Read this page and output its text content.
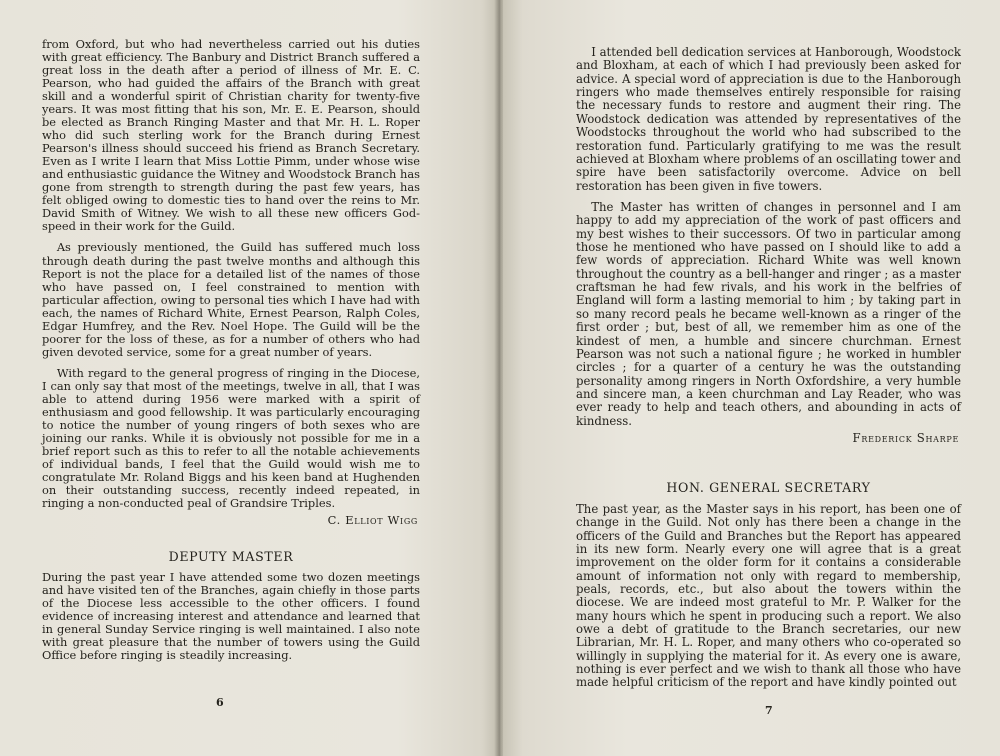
from Oxford, but who had nevertheless carried out his duties with great efficiency. The Banbury and District Branch suffered a great loss in the death after a period of illness of Mr. E. C. Pearson, who had guided the affairs of the Branch with great skill and a wonderful spirit of Christian charity for twenty-five years. It was most fitting that his son, Mr. E. E. Pearson, should be elected as Branch Ringing Master and that Mr. H. L. Roper who did such sterling work for the Branch during Ernest Pearson's illness should succeed his friend as Branch Secretary. Even as I write I learn that Miss Lottie Pimm, under whose wise and enthusiastic guidance the Witney and Woodstock Branch has gone from strength to strength during the past few years, has felt obliged owing to domestic ties to hand over the reins to Mr. David Smith of Witney. We wish to all these new officers God-speed in their work for the Guild.

As previously mentioned, the Guild has suffered much loss through death during the past twelve months and although this Report is not the place for a detailed list of the names of those who have passed on, I feel constrained to mention with particular affection, owing to personal ties which I have had with each, the names of Richard White, Ernest Pearson, Ralph Coles, Edgar Humfrey, and the Rev. Noel Hope. The Guild will be the poorer for the loss of these, as for a number of others who had given devoted service, some for a great number of years.

With regard to the general progress of ringing in the Diocese, I can only say that most of the meetings, twelve in all, that I was able to attend during 1956 were marked with a spirit of enthusiasm and good fellowship. It was particularly encouraging to notice the number of young ringers of both sexes who are joining our ranks. While it is obviously not possible for me in a brief report such as this to refer to all the notable achievements of individual bands, I feel that the Guild would wish me to congratulate Mr. Roland Biggs and his keen band at Hughenden on their outstanding success, recently indeed repeated, in ringing a non-conducted peal of Grandsire Triples.

C. Elliot Wigg

DEPUTY MASTER

During the past year I have attended some two dozen meetings and have visited ten of the Branches, again chiefly in those parts of the Diocese less accessible to the other officers. I found evidence of increasing interest and attendance and learned that in general Sunday Service ringing is well maintained. I also note with great pleasure that the number of towers using the Guild Office before ringing is steadily increasing.

6

I attended bell dedication services at Hanborough, Woodstock and Bloxham, at each of which I had previously been asked for advice. A special word of appreciation is due to the Hanborough ringers who made themselves entirely responsible for raising the necessary funds to restore and augment their ring. The Woodstock dedication was attended by representatives of the Woodstocks throughout the world who had subscribed to the restoration fund. Particularly gratifying to me was the result achieved at Bloxham where problems of an oscillating tower and spire have been satisfactorily overcome. Advice on bell restoration has been given in five towers.

The Master has written of changes in personnel and I am happy to add my appreciation of the work of past officers and my best wishes to their successors. Of two in particular among those he mentioned who have passed on I should like to add a few words of appreciation. Richard White was well known throughout the country as a bell-hanger and ringer ; as a master craftsman he had few rivals, and his work in the belfries of England will form a lasting memorial to him ; by taking part in so many record peals he became well-known as a ringer of the first order ; but, best of all, we remember him as one of the kindest of men, a humble and sincere churchman. Ernest Pearson was not such a national figure ; he worked in humbler circles ; for a quarter of a century he was the outstanding personality among ringers in North Oxfordshire, a very humble and sincere man, a keen churchman and Lay Reader, who was ever ready to help and teach others, and abounding in acts of kindness.

Frederick Sharpe

HON. GENERAL SECRETARY

The past year, as the Master says in his report, has been one of change in the Guild. Not only has there been a change in the officers of the Guild and Branches but the Report has appeared in its new form. Nearly every one will agree that is a great improvement on the older form for it contains a considerable amount of information not only with regard to membership, peals, records, etc., but also about the towers within the diocese. We are indeed most grateful to Mr. P. Walker for the many hours which he spent in producing such a report. We also owe a debt of gratitude to the Branch secretaries, our new Librarian, Mr. H. L. Roper, and many others who co-operated so willingly in supplying the material for it. As every one is aware, nothing is ever perfect and we wish to thank all those who have made helpful criticism of the report and have kindly pointed out

7
